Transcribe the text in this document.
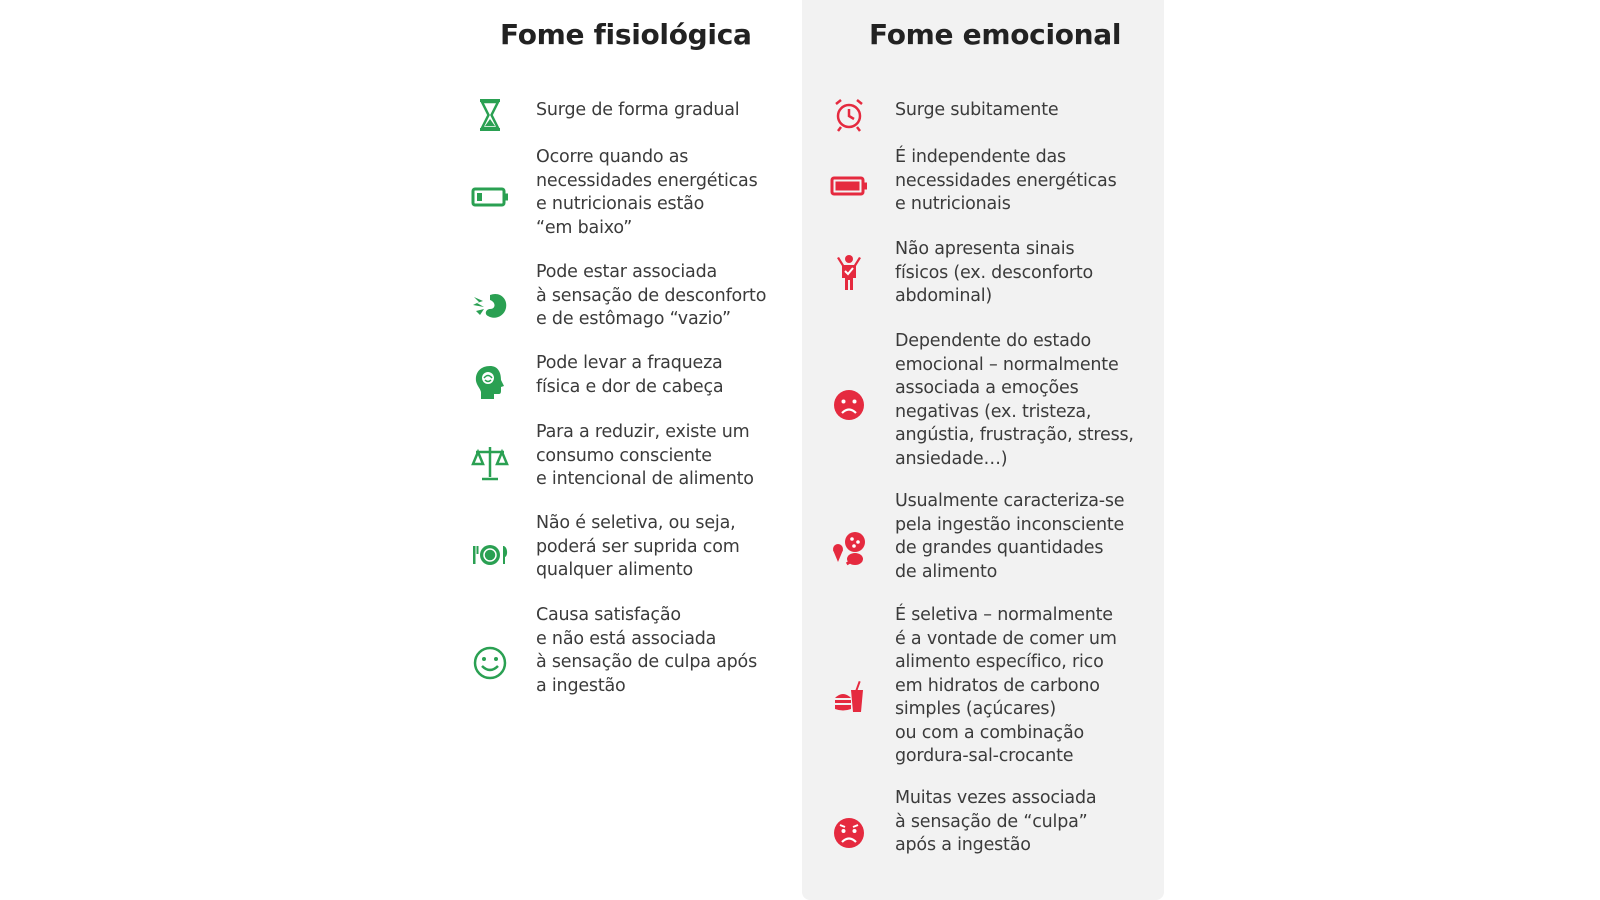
Fome fisiológica	Fome emocional
Surge de forma gradual
Ocorre quando as
necessidades energéticas
e nutricionais estão
“em baixo”
Pode estar associada
à sensação de desconforto
e de estômago “vazio”
Pode levar a fraqueza
física e dor de cabeça
Para a reduzir, existe um
consumo consciente
e intencional de alimento
Não é seletiva, ou seja,
poderá ser suprida com
qualquer alimento
Causa satisfação
e não está associada
à sensação de culpa após
a ingestão
Surge subitamente
É independente das
necessidades energéticas
e nutricionais
Não apresenta sinais
físicos (ex. desconforto
abdominal)
Dependente do estado
emocional – normalmente
associada a emoções
negativas (ex. tristeza,
angústia, frustração, stress,
ansiedade…)
Usualmente caracteriza-se
pela ingestão inconsciente
de grandes quantidades
de alimento
É seletiva – normalmente
é a vontade de comer um
alimento específico, rico
em hidratos de carbono
simples (açúcares)
ou com a combinação
gordura-sal-crocante
Muitas vezes associada
à sensação de “culpa”
após a ingestão
